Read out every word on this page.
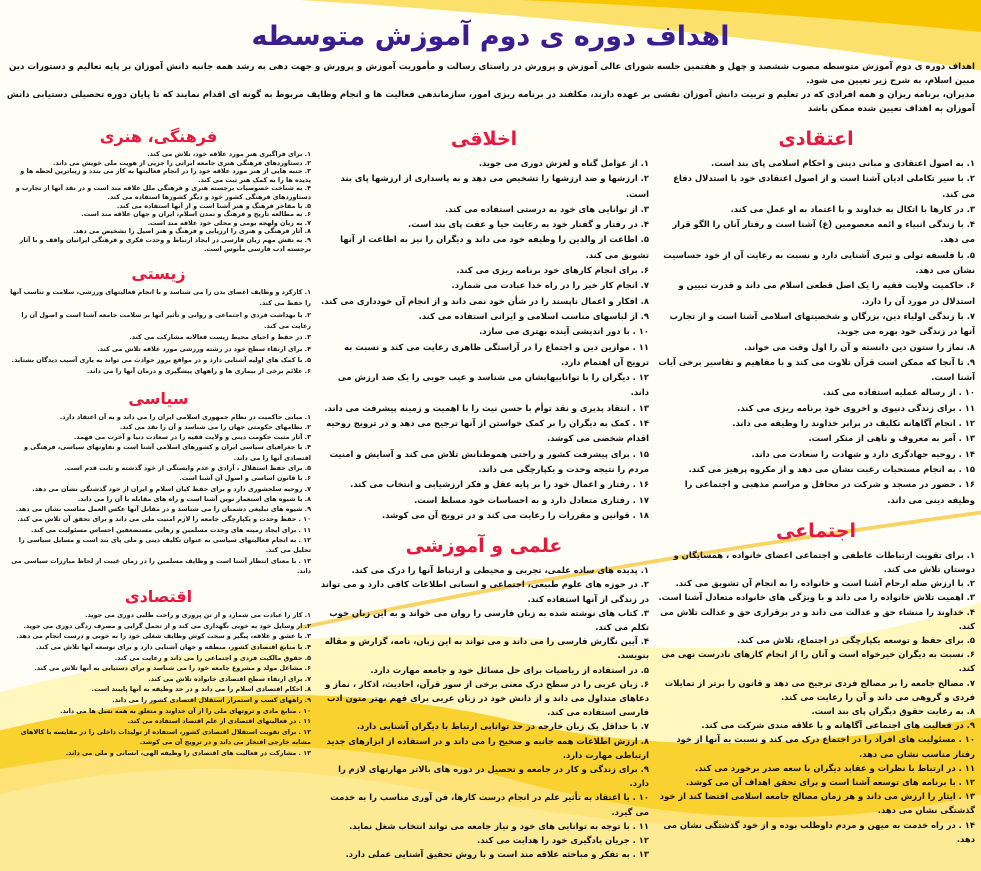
اهداف دوره ی دوم آموزش متوسطه

اهداف دوره ی دوم آموزش متوسطه مصوب ششصد و چهل و هفتمین جلسه شورای عالی آموزش و پرورش در راستای رسالت و مأموریت آموزش و پرورش و جهت دهی به رشد همه جانبه دانش آموزان بر پایه تعالیم و دستورات دین مبین اسلام، به شرح زیر تعیین می شود.

مدیران، برنامه ریزان و همه افرادی که در تعلیم و تربیت دانش آموزان نقشی بر عهده دارند، مکلفند در برنامه ریزی امور، سازماندهی فعالیت ها و انجام وظایف مربوط به گونه ای اقدام نمایند که تا پایان دوره تحصیلی دستیابی دانش آموزان به اهداف تعیین شده ممکن باشد

اعتقادی
۱. به اصول اعتقادی و مبانی دینی و احکام اسلامی پای بند است.
۲. با سیر تکاملی ادیان آشنا است و از اصول اعتقادی خود با استدلال دفاع می کند.
۳. در کارها با اتکال به خداوند و با اعتماد به او عمل می کند.
۴. با زندگی انبیاء و ائمه معصومین (ع) آشنا است و رفتار آنان را الگو قرار می دهد.
۵. با فلسفه تولی و تبری آشنایی دارد و نسبت به رعایت آن از خود حساسیت نشان می دهد.
۶. حاکمیت ولایت فقیه را یک اصل قطعی اسلام می داند و قدرت تبیین و استدلال در مورد آن را دارد.
۷. با زندگی اولیاء دین، بزرگان و شخصیتهای اسلامی آشنا است و از تجارب آنها در زندگی خود بهره می جوید.
۸. نماز را ستون دین دانسته و آن را اول وقت می خواند.
۹. تا آنجا که ممکن است قرآن تلاوت می کند و با مفاهیم و تفاسیر برخی آیات آشنا است.
۱۰ . از رساله عملیه استفاده می کند.
۱۱ . برای زندگی دنیوی و اخروی خود برنامه ریزی می کند.
۱۲ . انجام آگاهانه تکلیف در برابر خداوند را وظیفه می داند.
۱۳ . آمر به معروف و ناهی از منکر است.
۱۴ . روحیه جهادگری دارد و شهادت را سعادت می داند.
۱۵ . به انجام مستحبات رغبت نشان می دهد و از مکروه پرهیز می کند.
۱۶ . حضور در مسجد و شرکت در محافل و مراسم مذهبی و اجتماعی را وظیفه دینی می داند.
اجتماعی
۱. برای تقویت ارتباطات عاطفی و اجتماعی اعضای خانواده ، همسایگان و دوستان تلاش می کند.
۲. با ارزش صله ارحام آشنا است و خانواده را به انجام آن تشویق می کند.
۳. اهمیت تلاش خانواده را می داند و با ویژگی های خانواده متعادل آشنا است.
۴. خداوند را منشاء حق و عدالت می داند و در برقراری حق و عدالت تلاش می کند.
۵. برای حفظ و توسعه یکپارچگی در اجتماع، تلاش می کند.
۶. نسبت به دیگران خیرخواه است و آنان را از انجام کارهای نادرست نهی می کند.
۷. مصالح جامعه را بر مصالح فردی ترجیح می دهد و قانون را برتر از تمایلات فردی و گروهی می داند و آن را رعایت می کند.
۸. به رعایت حقوق دیگران پای بند است.
۹. در فعالیت های اجتماعی آگاهانه و با علاقه مندی شرکت می کند.
۱۰ . مسئولیت های افراد را در اجتماع درک می کند و نسبت به آنها از خود رفتار مناسب نشان می دهد.
۱۱ . در ارتباط با نظرات و عقاید دیگران با سعه صدر برخورد می کند.
۱۲ . با برنامه های توسعه آشنا است و برای تحقق اهداف آن می کوشد.
۱۳ . ایثار را ارزش می داند و هر زمان مصالح جامعه اسلامی اقتضا کند از خود گذشتگی نشان می دهد.
۱۴ . در راه خدمت به میهن و مردم داوطلب بوده و از خود گذشتگی نشان می دهد.
اخلاقی
۱. از عوامل گناه و لغزش دوری می جوید.
۲. ارزشها و ضد ارزشها را تشخیص می دهد و به پاسداری از ارزشها پای بند است.
۳. از توانایی های خود به درستی استفاده می کند.
۴. در رفتار و گفتار خود به رعایت حیا و عفت پای بند است.
۵. اطاعت از والدین را وظیفه خود می داند و دیگران را نیز به اطاعت از آنها تشویق می کند.
۶. برای انجام کارهای خود برنامه ریزی می کند.
۷. انجام کار خیر را در راه خدا عبادت می شمارد.
۸. افکار و اعمال ناپسند را در شأن خود نمی داند و از انجام آن خودداری می کند.
۹. از لباسهای مناسب اسلامی و ایرانی استفاده می کند.
۱۰ . با دور اندیشی آینده بهتری می سازد.
۱۱ . موازین دین و اجتماع را در آراستگی ظاهری رعایت می کند و نسبت به ترویج آن اهتمام دارد.
۱۲ . دیگران را با تواناییهایشان می شناسد و عیب جویی را یک ضد ارزش می داند.
۱۳ . انتقاد پذیری و نقد توأم با حسن نیت را با اهمیت و زمینه پیشرفت می داند.
۱۴ . کمک به دیگران را بر کمک خواستن از آنها ترجیح می دهد و در ترویج روحیه اقدام شخصی می کوشد.
۱۵ . برای پیشرفت کشور و راحتی هموطنانش تلاش می کند و آسایش و امنیت مردم را نتیجه وحدت و یکپارچگی می داند.
۱۶ . رفتار و اعمال خود را بر پایه عقل و فکر ارزشیابی و انتخاب می کند.
۱۷ . رفتاری متعادل دارد و به احساسات خود مسلط است.
۱۸ . قوانین و مقررات را رعایت می کند و در ترویج آن می کوشد.
علمی و آموزشی
۱. پدیده های ساده علمی، تجربی و محیطی و ارتباط آنها را درک می کند.
۲. در حوزه های علوم طبیعی، اجتماعی و انسانی اطلاعات کافی دارد و می تواند در زندگی از آنها استفاده کند.
۳. کتاب های نوشته شده به زبان فارسی را روان می خواند و به این زبان خوب تکلم می کند.
۴. آیین نگارش فارسی را می داند و می تواند به این زبان، نامه، گزارش و مقاله بنویسد.
۵. در استفاده از ریاضیات برای حل مسائل خود و جامعه مهارت دارد.
۶. زبان عربی را در سطح درک معنی برخی از سور قرآن، احادیث، اذکار ، نماز و دعاهای متداول می داند و از دانش خود در زبان عربی برای فهم بهتر متون ادب فارسی استفاده می کند.
۷. با حداقل یک زبان خارجه در حد توانایی ارتباط با دیگران آشنایی دارد.
۸. ارزش اطلاعات همه جانبه و صحیح را می داند و در استفاده از ابزارهای جدید ارتباطی مهارت دارد.
۹. برای زندگی و کار در جامعه و تحصیل در دوره های بالاتر مهارتهای لازم را دارد.
۱۰ . با اعتقاد به تأثیر علم در انجام درست کارها، فن آوری مناسب را به خدمت می گیرد.
۱۱ . با توجه به توانایی های خود و نیاز جامعه می تواند انتخاب شغل نماید.
۱۲ . جریان یادگیری خود را هدایت می کند.
۱۳ . به تفکر و مباحثه علاقه مند است و با روش تحقیق آشنایی عملی دارد.
فرهنگی، هنری
۱. برای فراگیری هنر مورد علاقه خود، تلاش می کند.
۲. دستاوردهای فرهنگی هنری جامعه ایرانی را جزیی از هویت ملی خویش می داند.
۳. جنبه هایی از هنر مورد علاقه خود را در انجام فعالیتها به کار می بندد و زیباترین لحظه ها و پدیده ها را به کمک هنر ثبت می کند.
۴. به شناخت خصوصیات برجسته هنری و فرهنگی ملل علاقه مند است و در نقد آنها از تجارب و دستاوردهای فرهنگی کشور خود و دیگر کشورها استفاده می کند.
۵. با مفاخر فرهنگ و هنر آشنا است و از آنها استفاده می کند.
۶. به مطالعه تاریخ و فرهنگ و تمدن اسلام، ایران و جهان علاقه مند است.
۷. به زبان ولهجه بومی و محلی خود علاقه مند است.
۸. آثار فرهنگی و هنری را ارزیابی و فرهنگ و هنر اصیل را تشخیص می دهد.
۹. به نقش مهم زبان فارسی در ایجاد ارتباط و وحدت فکری و فرهنگی ایرانیان واقف و با آثار برجسته ادب فارسی مأنوس است.
زیستی
۱. کارکرد و وظایف اعضای بدن را می شناسد و با انجام فعالیتهای ورزشی، سلامت و تناسب آنها را حفظ می کند.
۲. با بهداشت فردی و اجتماعی و روانی و تأثیر آنها بر سلامت جامعه آشنا است و اصول آن را رعایت می کند.
۳. در حفظ و احیای محیط زیست فعالانه مشارکت می کند.
۴. برای ارتقاء سطح خود در رشته ورزشی مورد علاقه تلاش می کند.
۵. با کمک های اولیه آشنایی دارد و در مواقع بروز حوادث می تواند به یاری آسیب دیدگان بشتابد.
۶. علائم برخی از بیماری ها و راههای پیشگیری و درمان آنها را می داند.
سیاسی
۱. مبانی حاکمیت در نظام جمهوری اسلامی ایران را می داند و به آن اعتقاد دارد.
۲. نظامهای حکومتی جهان را می شناسد و آن را نقد می کند.
۳. آثار مثبت حکومت دینی و ولایت فقیه را در سعادت دنیا و آخرت می فهمد.
۴. با جغرافیای سیاسی ایران و کشورهای اسلامی آشنا است و تفاوتهای سیاسی، فرهنگی و اقتصادی آنها را می داند.
۵. برای حفظ استقلال ، آزادی و عدم وابستگی از خود گذشته و ثابت قدم است.
۶. با قانون اساسی و اصول آن آشنا است.
۷. روحیه سلحشوری دارد و برای حفظ کیان اسلام و ایران از خود گذشتگی نشان می دهد.
۸. با شیوه های استعمار نوین آشنا است و راه های مقابله با آن را می داند.
۹. شیوه های تبلیغی دشمنان را می شناسد و در مقابل آنها عکس العمل مناسب نشان می دهد.
۱۰ . حفظ وحدت و یکپارچگی جامعه را لازم امنیت ملی می داند و برای تحقق آن تلاش می کند.
۱۱ . برای ایجاد زمینه های وحدت مسلمین و رهایی مستضعفین احساس مسئولیت می کند.
۱۲ . به انجام فعالیتهای سیاسی به عنوان تکلیف دینی و ملی پای بند است و مسایل سیاسی را تحلیل می کند.
۱۳ . با معنای انتظار آشنا است و وظایف مسلمین را در زمان غیبت از لحاظ مبارزات سیاسی می داند.
اقتصادی
۱. کار را عبادت می شمارد و از تن پروری و راحت طلبی دوری می جوید.
۲. از وسایل خود به خوبی نگهداری می کند و از تجمل گرایی و مصرف زدگی دوری می جوید.
۳. با عشق و علاقه، پیگیر و سخت کوش وظایف شغلی خود را به خوبی و درست انجام می دهد.
۴. با منابع اقتصادی کشور، منطقه و جهان آشنایی دارد و برای توسعه آنها تلاش می کند.
۵. حقوق مالکیت فردی و اجتماعی را می داند و رعایت می کند.
۶. مشاغل مولد و مشروع جامعه خود را می شناسد و برای دستیابی به آنها تلاش می کند.
۷. برای ارتقاء سطح اقتصادی خانواده تلاش می کند.
۸. احکام اقتصادی اسلام را می داند و در حد وظیفه به آنها پایبند است.
۹. راههای کسب و استمرار استقلال اقتصادی کشور را می داند.
۱۰ . منابع مادی و ثروتهای ملی را از آن خداوند و متعلق به همه نسل ها می داند.
۱۱ . در فعالیتهای اقتصادی از علم اقتصاد استفاده می کند.
۱۲ . برای تقویت استقلال اقتصادی کشور، استفاده از تولیدات داخلی را در مقایسه با کالاهای مشابه خارجی افتخار می داند و در ترویج آن می کوشد.
۱۳ . مشارکت در فعالیت های اقتصادی را وظیفه الهی، انسانی و ملی می داند.
